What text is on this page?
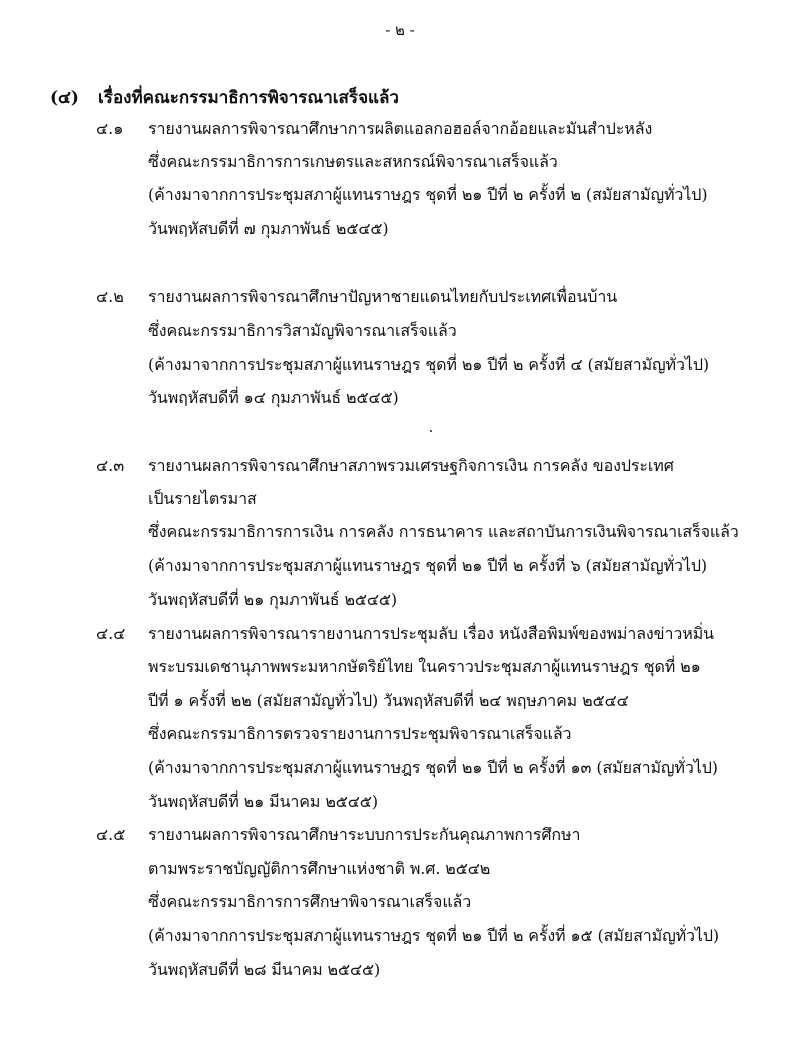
- ๒ -
(๔) เรื่องที่คณะกรรมาธิการพิจารณาเสร็จแล้ว
๔.๑ รายงานผลการพิจารณาศึกษาการผลิตแอลกอฮอล์จากอ้อยและมันสำปะหลัง
ซึ่งคณะกรรมาธิการการเกษตรและสหกรณ์พิจารณาเสร็จแล้ว
(ค้างมาจากการประชุมสภาผู้แทนราษฎร ชุดที่ ๒๑ ปีที่ ๒ ครั้งที่ ๒ (สมัยสามัญทั่วไป)
วันพฤหัสบดีที่ ๗ กุมภาพันธ์ ๒๕๔๕)
๔.๒ รายงานผลการพิจารณาศึกษาปัญหาชายแดนไทยกับประเทศเพื่อนบ้าน
ซึ่งคณะกรรมาธิการวิสามัญพิจารณาเสร็จแล้ว
(ค้างมาจากการประชุมสภาผู้แทนราษฎร ชุดที่ ๒๑ ปีที่ ๒ ครั้งที่ ๔ (สมัยสามัญทั่วไป)
วันพฤหัสบดีที่ ๑๔ กุมภาพันธ์ ๒๕๔๕)
๔.๓ รายงานผลการพิจารณาศึกษาสภาพรวมเศรษฐกิจการเงิน การคลัง ของประเทศ
เป็นรายไตรมาส
ซึ่งคณะกรรมาธิการการเงิน การคลัง การธนาคาร และสถาบันการเงินพิจารณาเสร็จแล้ว
(ค้างมาจากการประชุมสภาผู้แทนราษฎร ชุดที่ ๒๑ ปีที่ ๒ ครั้งที่ ๖ (สมัยสามัญทั่วไป)
วันพฤหัสบดีที่ ๒๑ กุมภาพันธ์ ๒๕๔๕)
๔.๔ รายงานผลการพิจารณารายงานการประชุมลับ เรื่อง หนังสือพิมพ์ของพม่าลงข่าวหมิ่น
พระบรมเดชานุภาพพระมหากษัตริย์ไทย ในคราวประชุมสภาผู้แทนราษฎร ชุดที่ ๒๑
ปีที่ ๑ ครั้งที่ ๒๒ (สมัยสามัญทั่วไป) วันพฤหัสบดีที่ ๒๔ พฤษภาคม ๒๕๔๔
ซึ่งคณะกรรมาธิการตรวจรายงานการประชุมพิจารณาเสร็จแล้ว
(ค้างมาจากการประชุมสภาผู้แทนราษฎร ชุดที่ ๒๑ ปีที่ ๒ ครั้งที่ ๑๓ (สมัยสามัญทั่วไป)
วันพฤหัสบดีที่ ๒๑ มีนาคม ๒๕๔๕)
๔.๕ รายงานผลการพิจารณาศึกษาระบบการประกันคุณภาพการศึกษา
ตามพระราชบัญญัติการศึกษาแห่งชาติ พ.ศ. ๒๕๔๒
ซึ่งคณะกรรมาธิการการศึกษาพิจารณาเสร็จแล้ว
(ค้างมาจากการประชุมสภาผู้แทนราษฎร ชุดที่ ๒๑ ปีที่ ๒ ครั้งที่ ๑๕ (สมัยสามัญทั่วไป)
วันพฤหัสบดีที่ ๒๘ มีนาคม ๒๕๔๕)
